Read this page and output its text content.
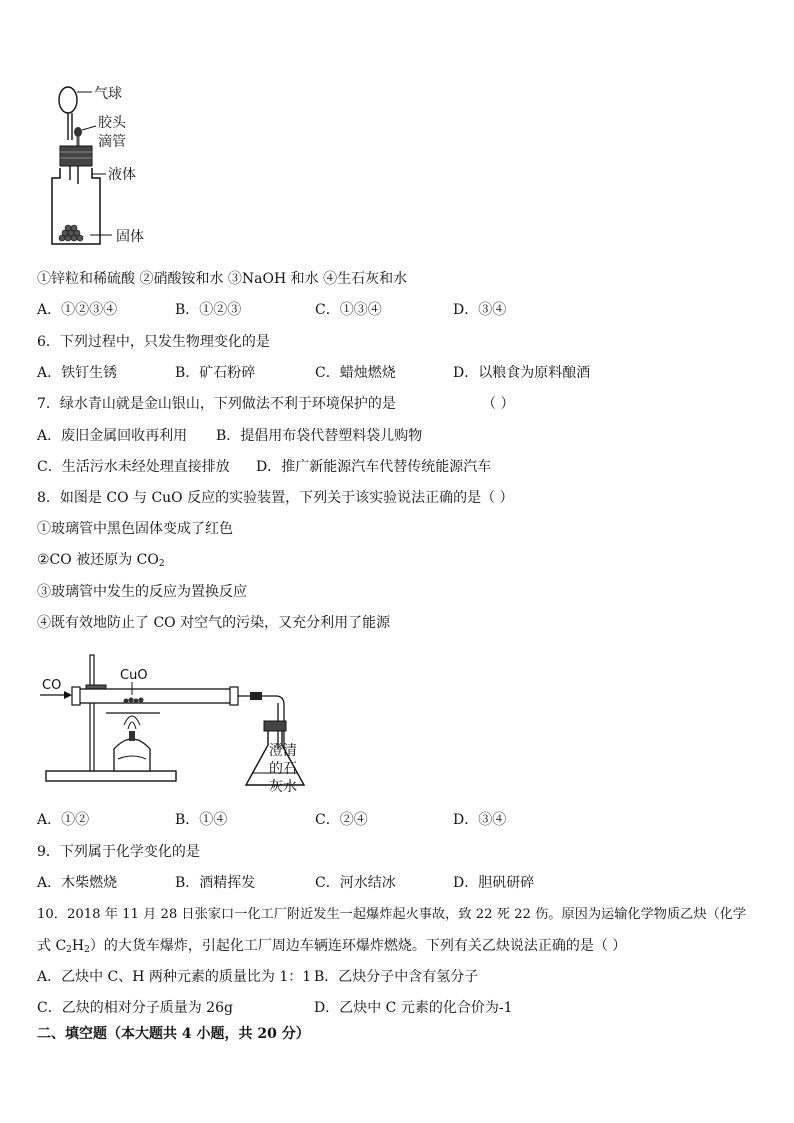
气球
胶头
滴管
液体
固体
①锌粒和稀硫酸 ②硝酸铵和水 ③NaOH 和水 ④生石灰和水
A．①②③④	B．①②③	C．①③④	D．③④
6．下列过程中，只发生物理变化的是
A．铁钉生锈	B．矿石粉碎	C．蜡烛燃烧	D．以粮食为原料酿酒
7．绿水青山就是金山银山，下列做法不利于环境保护的是	（ ）
A．废旧金属回收再利用 B．提倡用布袋代替塑料袋儿购物
C．生活污水未经处理直接排放 D．推广新能源汽车代替传统能源汽车
8．如图是 CO 与 CuO 反应的实验装置，下列关于该实验说法正确的是（ ）
①玻璃管中黑色固体变成了红色
②CO 被还原为 $CO_2$
③玻璃管中发生的反应为置换反应
④既有效地防止了 CO 对空气的污染，又充分利用了能源
CO
CuO
澄清
的石
灰水
A．①②	B．①④	C．②④	D．③④
9．下列属于化学变化的是
A．木柴燃烧	B．酒精挥发	C．河水结冰	D．胆矾研碎
10．2018 年 11 月 28 日张家口一化工厂附近发生一起爆炸起火事故，致 22 死 22 伤。原因为运输化学物质乙炔（化学
式 $C_2H_2$）的大货车爆炸，引起化工厂周边车辆连环爆炸燃烧。下列有关乙炔说法正确的是（ ）
A．乙炔中 C、H 两种元素的质量比为 1：1 B．乙炔分子中含有氢分子
C．乙炔的相对分子质量为 26g	D．乙炔中 C 元素的化合价为-1
二、填空题（本大题共 4 小题，共 20 分）
